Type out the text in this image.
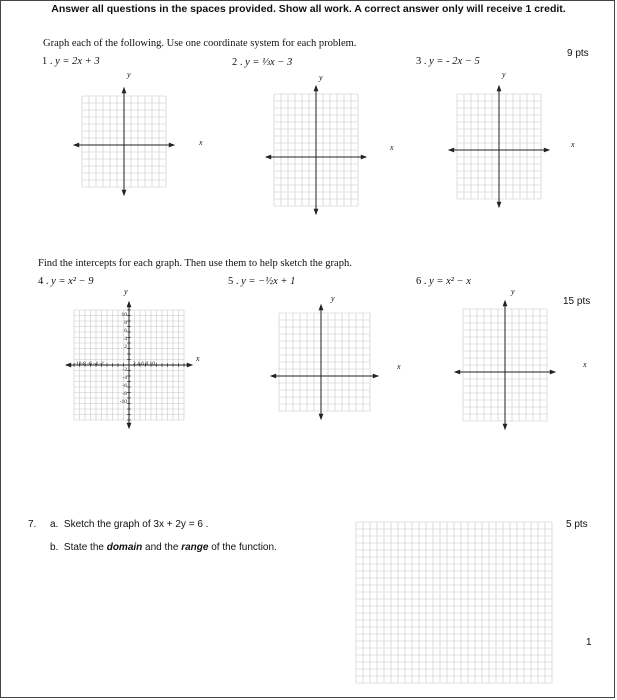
Answer all questions in the spaces provided. Show all work. A correct answer only will receive 1 credit.
Graph each of the following. Use one coordinate system for each problem.
9 pts
1 . y = 2x + 3	2 . y = ⅓x − 3	3 . y = - 2x − 5
Find the intercepts for each graph. Then use them to help sketch the graph.
15 pts
4 . y = x² − 9	5 . y = −½x + 1	6 . y = x² − x
y
x
y
x
y
x
y
x
y
x
y
x
10
8
6
4
2
-2
-4
-6
-8
-10
-10-8 -6 -4 -2	2 4 6 8 10
7. a. Sketch the graph of 3x + 2y = 6 .
b. State the domain and the range of the function.
5 pts
1
